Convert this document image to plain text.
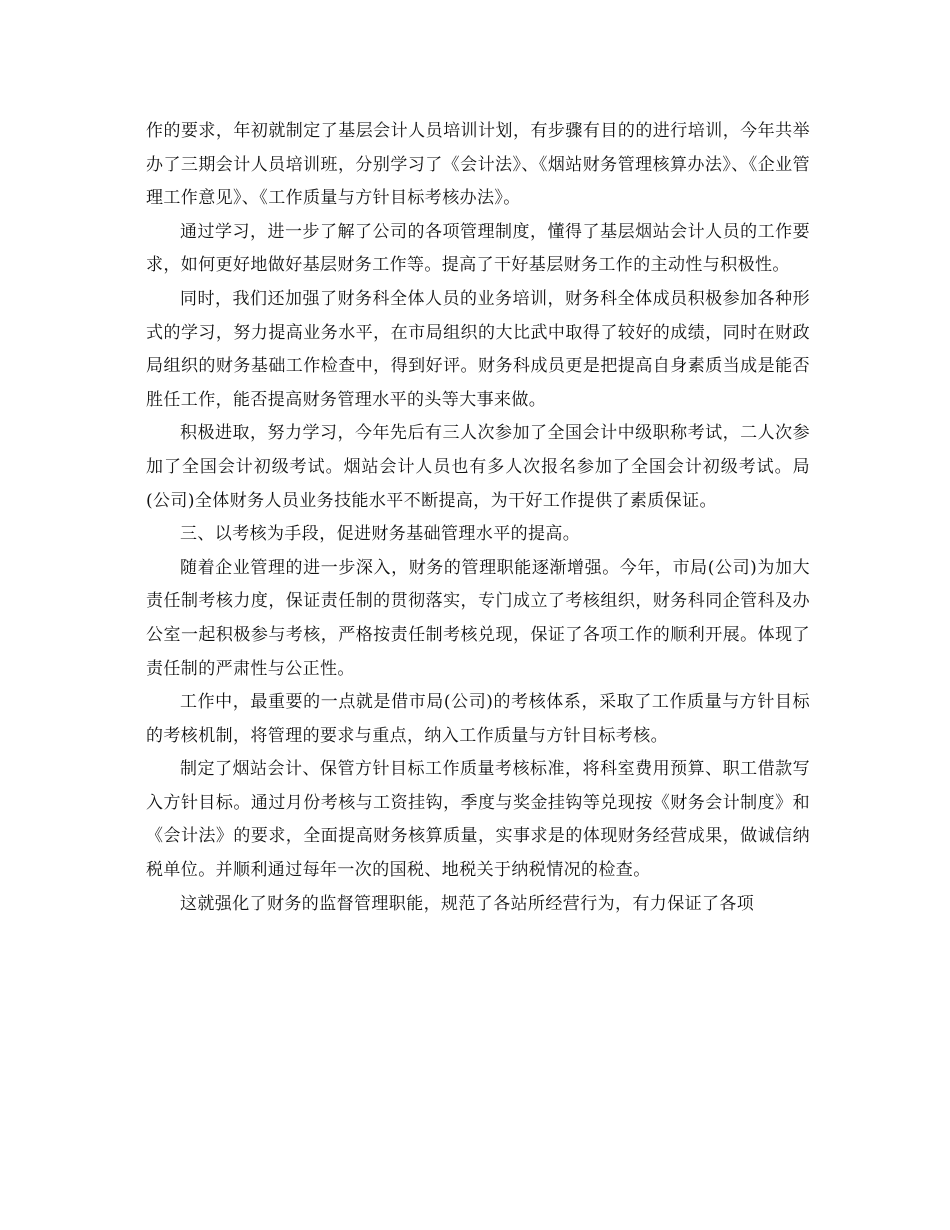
作的要求，年初就制定了基层会计人员培训计划，有步骤有目的的进行培训，今年共举办了三期会计人员培训班，分别学习了《会计法》、《烟站财务管理核算办法》、《企业管理工作意见》、《工作质量与方针目标考核办法》。

通过学习，进一步了解了公司的各项管理制度，懂得了基层烟站会计人员的工作要求，如何更好地做好基层财务工作等。提高了干好基层财务工作的主动性与积极性。

同时，我们还加强了财务科全体人员的业务培训，财务科全体成员积极参加各种形式的学习，努力提高业务水平，在市局组织的大比武中取得了较好的成绩，同时在财政局组织的财务基础工作检查中，得到好评。财务科成员更是把提高自身素质当成是能否胜任工作，能否提高财务管理水平的头等大事来做。

积极进取，努力学习，今年先后有三人次参加了全国会计中级职称考试，二人次参加了全国会计初级考试。烟站会计人员也有多人次报名参加了全国会计初级考试。局(公司)全体财务人员业务技能水平不断提高，为干好工作提供了素质保证。

三、以考核为手段，促进财务基础管理水平的提高。

随着企业管理的进一步深入，财务的管理职能逐渐增强。今年，市局(公司)为加大责任制考核力度，保证责任制的贯彻落实，专门成立了考核组织，财务科同企管科及办公室一起积极参与考核，严格按责任制考核兑现，保证了各项工作的顺利开展。体现了责任制的严肃性与公正性。

工作中，最重要的一点就是借市局(公司)的考核体系，采取了工作质量与方针目标的考核机制，将管理的要求与重点，纳入工作质量与方针目标考核。

制定了烟站会计、保管方针目标工作质量考核标准，将科室费用预算、职工借款写入方针目标。通过月份考核与工资挂钩，季度与奖金挂钩等兑现按《财务会计制度》和《会计法》的要求，全面提高财务核算质量，实事求是的体现财务经营成果，做诚信纳税单位。并顺利通过每年一次的国税、地税关于纳税情况的检查。

这就强化了财务的监督管理职能，规范了各站所经营行为，有力保证了各项
